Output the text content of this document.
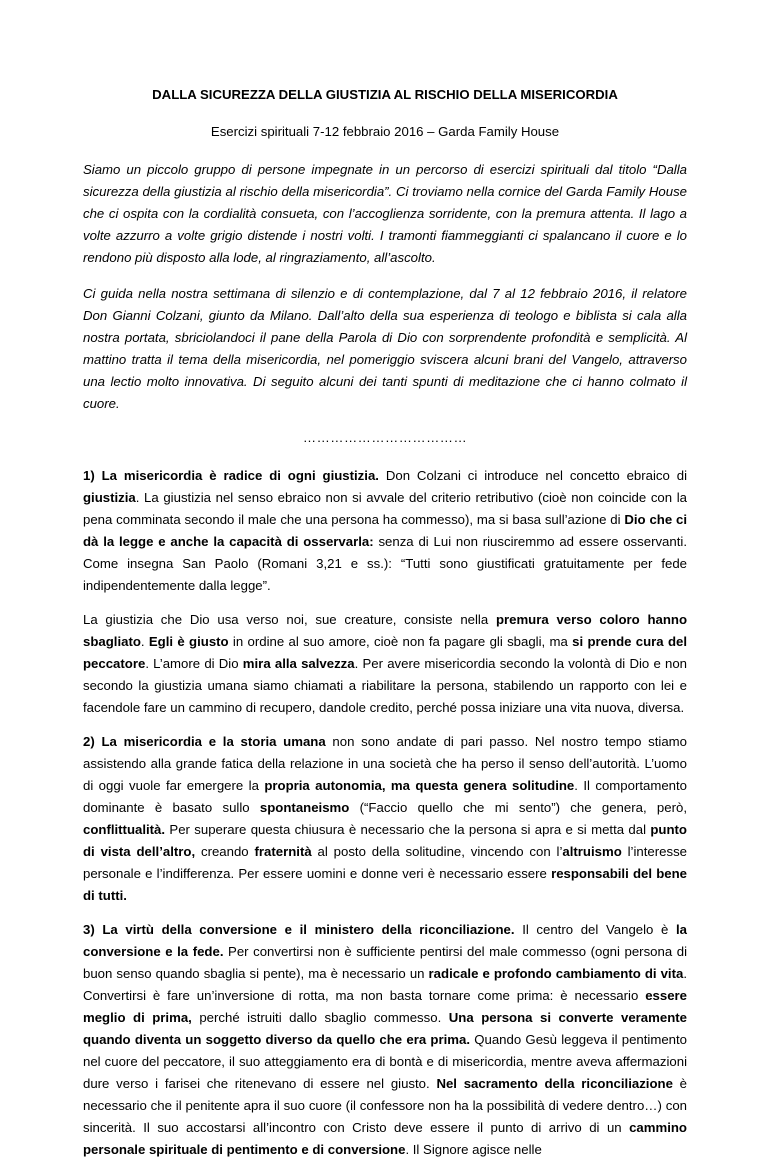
DALLA SICUREZZA DELLA GIUSTIZIA AL RISCHIO DELLA MISERICORDIA

Esercizi spirituali 7-12 febbraio 2016 – Garda Family House

Siamo un piccolo gruppo di persone impegnate in un percorso di esercizi spirituali dal titolo “Dalla sicurezza della giustizia al rischio della misericordia”. Ci troviamo nella cornice del Garda Family House che ci ospita con la cordialità consueta, con l’accoglienza sorridente, con la premura attenta. Il lago a volte azzurro a volte grigio distende i nostri volti. I tramonti fiammeggianti ci spalancano il cuore e lo rendono più disposto alla lode, al ringraziamento, all’ascolto.

Ci guida nella nostra settimana di silenzio e di contemplazione, dal 7 al 12 febbraio 2016, il relatore Don Gianni Colzani, giunto da Milano. Dall’alto della sua esperienza di teologo e biblista si cala alla nostra portata, sbriciolandoci il pane della Parola di Dio con sorprendente profondità e semplicità. Al mattino tratta il tema della misericordia, nel pomeriggio sviscera alcuni brani del Vangelo, attraverso una lectio molto innovativa. Di seguito alcuni dei tanti spunti di meditazione che ci hanno colmato il cuore.

………………………………

1) La misericordia è radice di ogni giustizia. Don Colzani ci introduce nel concetto ebraico di giustizia. La giustizia nel senso ebraico non si avvale del criterio retributivo (cioè non coincide con la pena comminata secondo il male che una persona ha commesso), ma si basa sull’azione di Dio che ci dà la legge e anche la capacità di osservarla: senza di Lui non riusciremmo ad essere osservanti. Come insegna San Paolo (Romani 3,21 e ss.): “Tutti sono giustificati gratuitamente per fede indipendentemente dalla legge”.

La giustizia che Dio usa verso noi, sue creature, consiste nella premura verso coloro hanno sbagliato. Egli è giusto in ordine al suo amore, cioè non fa pagare gli sbagli, ma si prende cura del peccatore. L’amore di Dio mira alla salvezza. Per avere misericordia secondo la volontà di Dio e non secondo la giustizia umana siamo chiamati a riabilitare la persona, stabilendo un rapporto con lei e facendole fare un cammino di recupero, dandole credito, perché possa iniziare una vita nuova, diversa.

2) La misericordia e la storia umana non sono andate di pari passo. Nel nostro tempo stiamo assistendo alla grande fatica della relazione in una società che ha perso il senso dell’autorità. L’uomo di oggi vuole far emergere la propria autonomia, ma questa genera solitudine. Il comportamento dominante è basato sullo spontaneismo (“Faccio quello che mi sento”) che genera, però, conflittualità. Per superare questa chiusura è necessario che la persona si apra e si metta dal punto di vista dell’altro, creando fraternità al posto della solitudine, vincendo con l’altruismo l’interesse personale e l’indifferenza. Per essere uomini e donne veri è necessario essere responsabili del bene di tutti.

3) La virtù della conversione e il ministero della riconciliazione. Il centro del Vangelo è la conversione e la fede. Per convertirsi non è sufficiente pentirsi del male commesso (ogni persona di buon senso quando sbaglia si pente), ma è necessario un radicale e profondo cambiamento di vita. Convertirsi è fare un’inversione di rotta, ma non basta tornare come prima: è necessario essere meglio di prima, perché istruiti dallo sbaglio commesso. Una persona si converte veramente quando diventa un soggetto diverso da quello che era prima. Quando Gesù leggeva il pentimento nel cuore del peccatore, il suo atteggiamento era di bontà e di misericordia, mentre aveva affermazioni dure verso i farisei che ritenevano di essere nel giusto. Nel sacramento della riconciliazione è necessario che il penitente apra il suo cuore (il confessore non ha la possibilità di vedere dentro…) con sincerità. Il suo accostarsi all’incontro con Cristo deve essere il punto di arrivo di un cammino personale spirituale di pentimento e di conversione. Il Signore agisce nelle
